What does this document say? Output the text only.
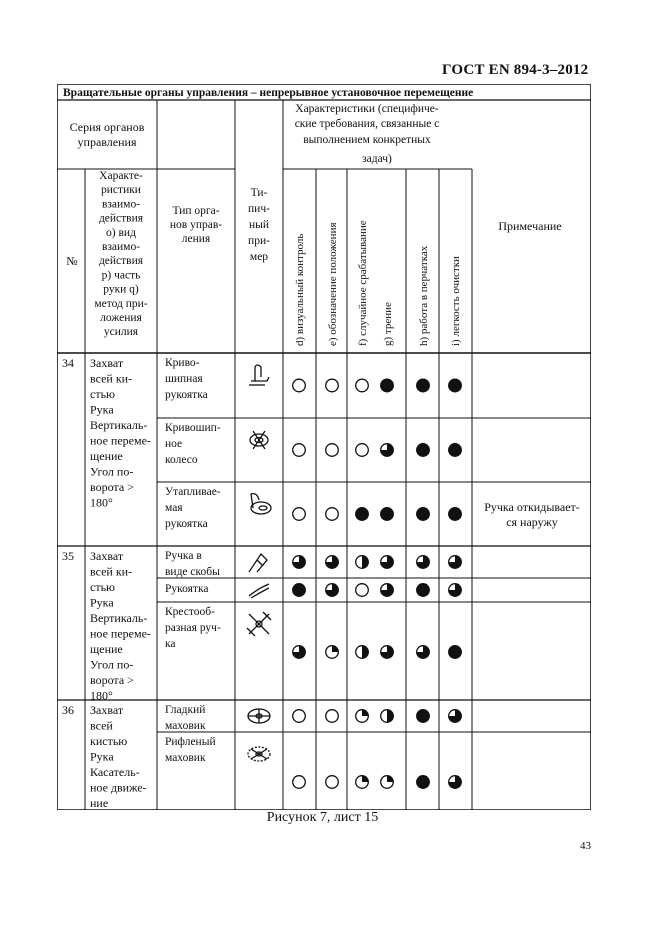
ГОСТ EN 894-3–2012
Вращательные органы управления – непрерывное установочное перемещение
Серия органов
управления
Характеристики (специфиче-
ские требования, связанные с
выполнением конкретных
задач)
№
Характе-
ристики
взаимо-
действия
о) вид
взаимо-
действия
р) часть
руки q)
метод при-
ложения
усилия
Тип орга-
нов управ-
ления
Ти-
пич-
ный
при-
мер d) визуальный контроль e) обозначение положения f) случайное срабатывание g) трение h) работа в перчатках i) легкость очистки
Примечание
34 Захват
всей ки-
стью
Рука
Вертикаль-
ное переме-
щение
Угол по-
ворота >
180°
Криво-
шипная
рукоятка
Кривошип-
ное
колесо
Утапливае-
мая
рукоятка
Ручка откидывает-
ся наружу
35 Захват
всей ки-
стью
Рука
Вертикаль-
ное переме-
щение
Угол по-
ворота >
180°
Ручка в
виде скобы
Рукоятка
Крестооб-
разная руч-
ка
36 Захват
всей
кистью
Рука
Касатель-
ное движе-
ние
Гладкий
маховик
Рифленый
маховик
Рисунок 7, лист 15
43
